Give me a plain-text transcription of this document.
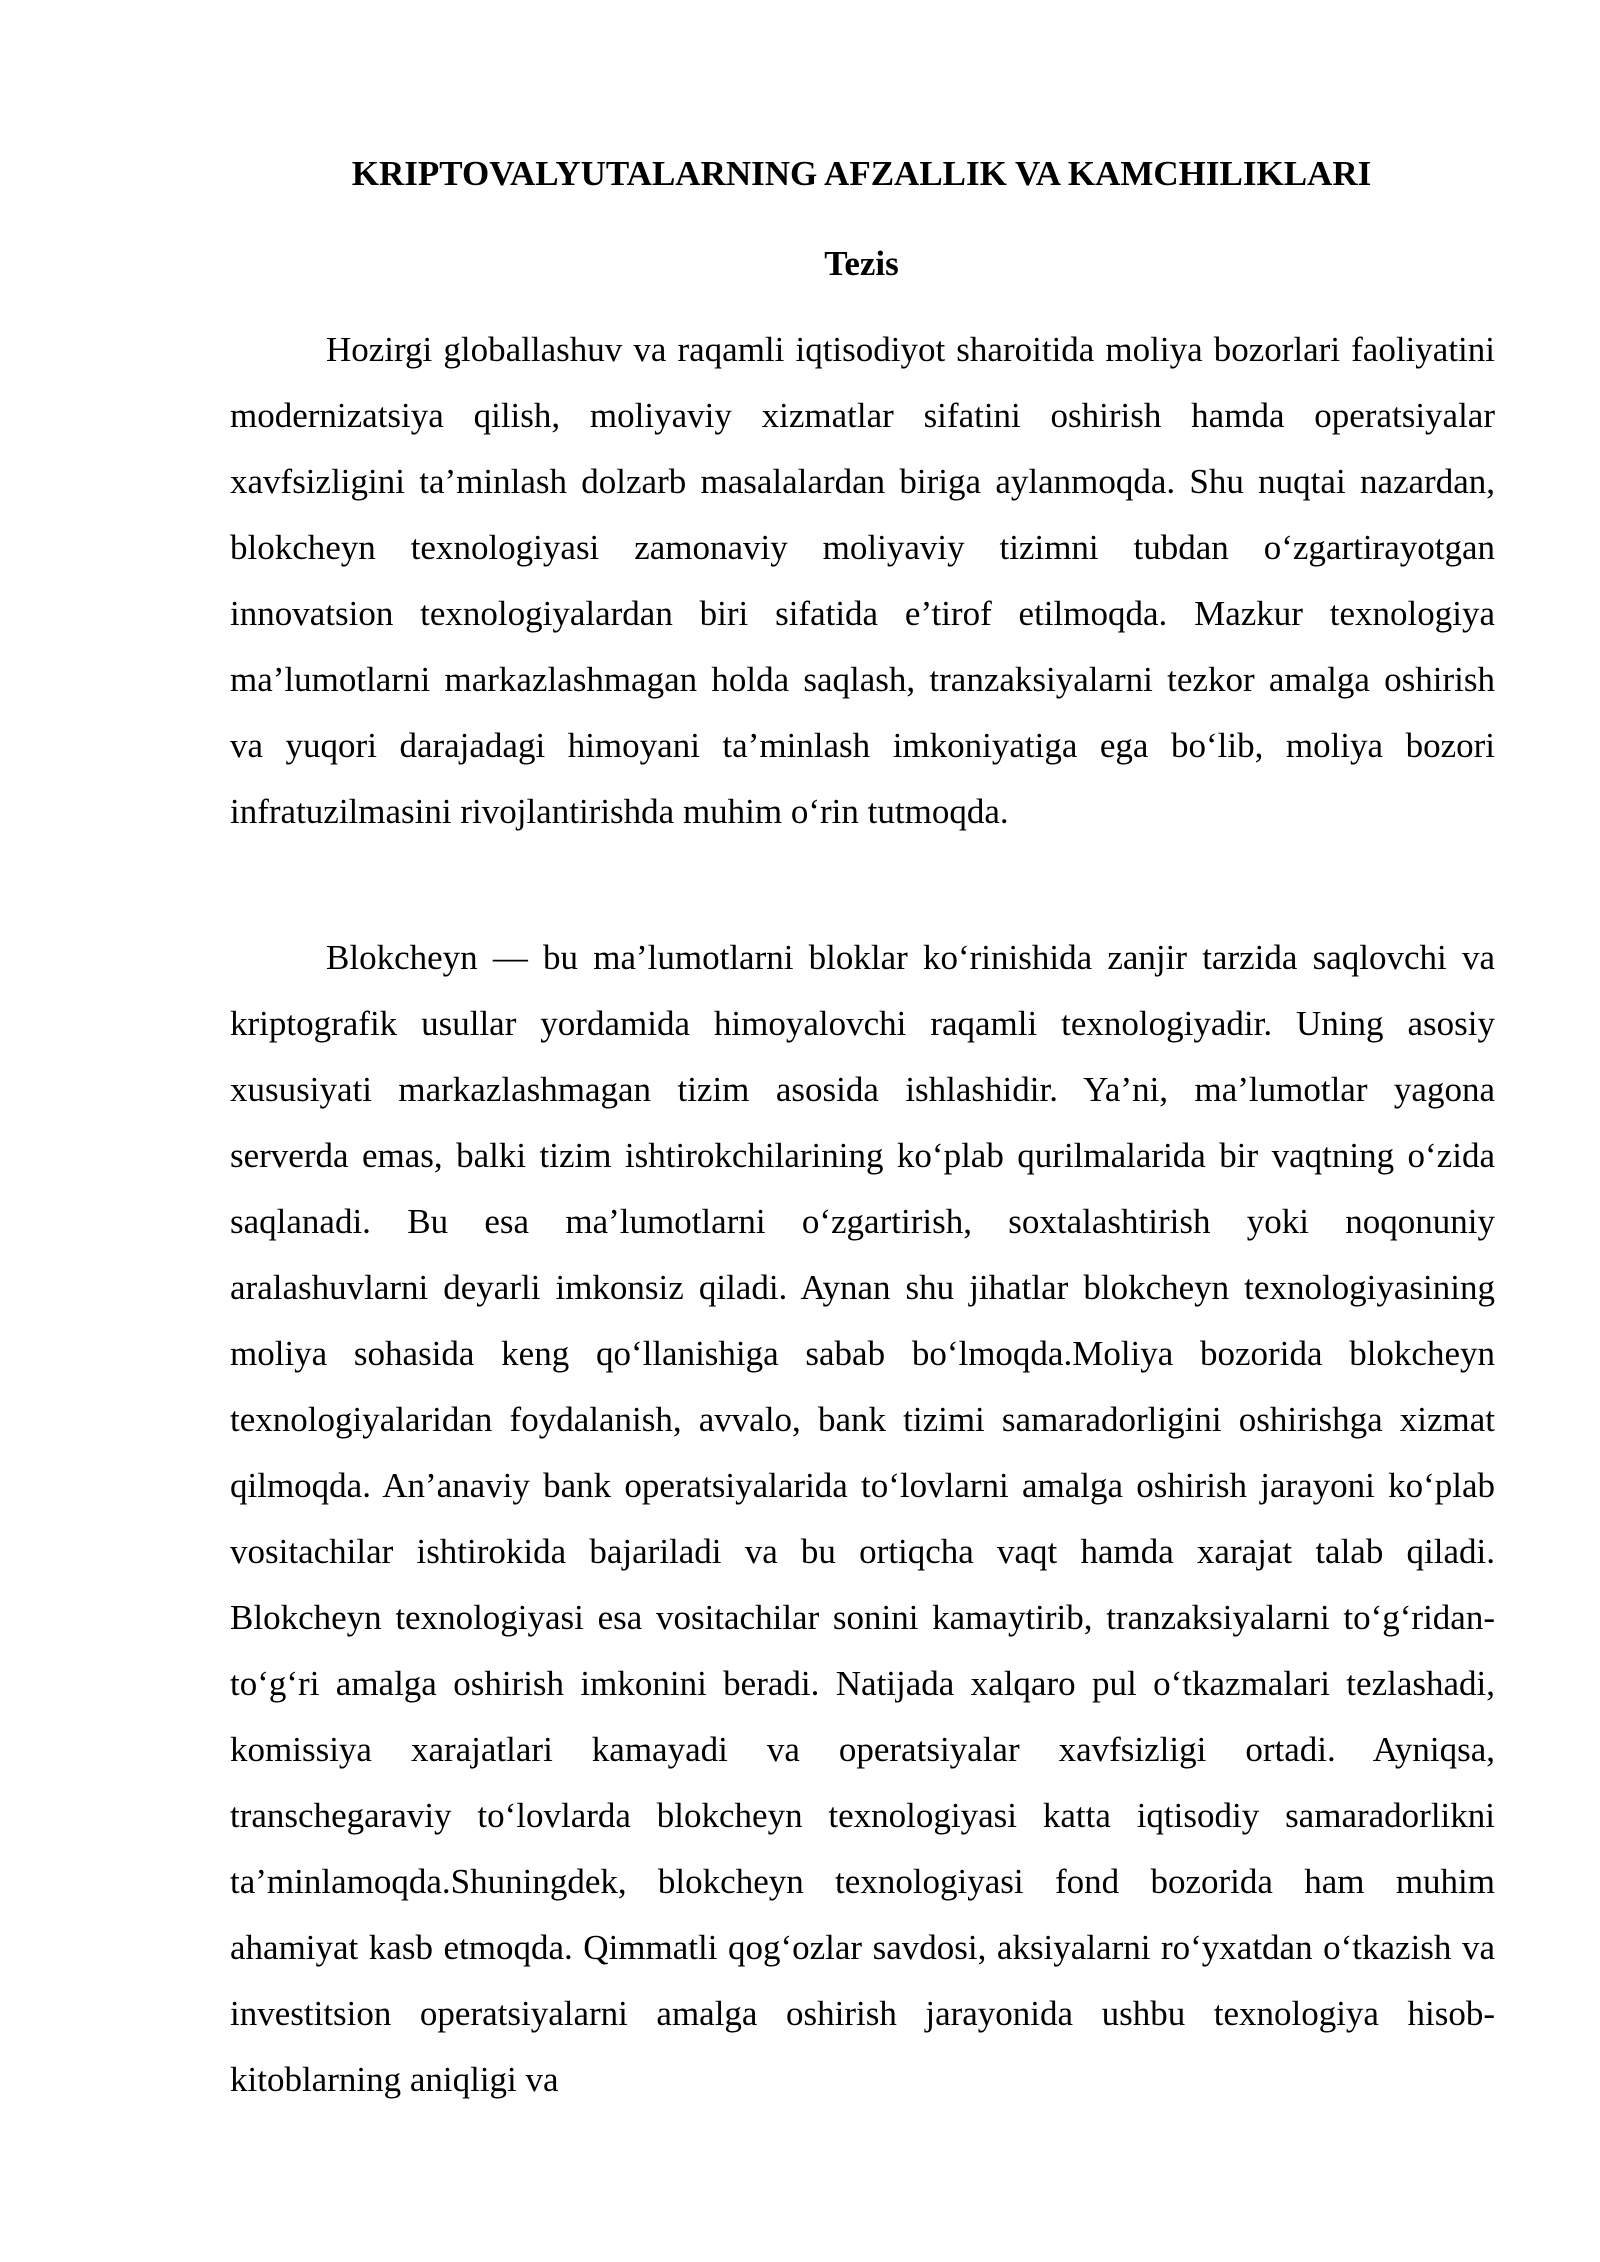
KRIPTOVALYUTALARNING AFZALLIK VA KAMCHILIKLARI
Tezis

Hozirgi globallashuv va raqamli iqtisodiyot sharoitida moliya bozorlari faoliyatini modernizatsiya qilish, moliyaviy xizmatlar sifatini oshirish hamda operatsiyalar xavfsizligini ta’minlash dolzarb masalalardan biriga aylanmoqda. Shu nuqtai nazardan, blokcheyn texnologiyasi zamonaviy moliyaviy tizimni tubdan o‘zgartirayotgan innovatsion texnologiyalardan biri sifatida e’tirof etilmoqda. Mazkur texnologiya ma’lumotlarni markazlashmagan holda saqlash, tranzaksiyalarni tezkor amalga oshirish va yuqori darajadagi himoyani ta’minlash imkoniyatiga ega bo‘lib, moliya bozori infratuzilmasini rivojlantirishda muhim o‘rin tutmoqda.

Blokcheyn — bu ma’lumotlarni bloklar ko‘rinishida zanjir tarzida saqlovchi va kriptografik usullar yordamida himoyalovchi raqamli texnologiyadir. Uning asosiy xususiyati markazlashmagan tizim asosida ishlashidir. Ya’ni, ma’lumotlar yagona serverda emas, balki tizim ishtirokchilarining ko‘plab qurilmalarida bir vaqtning o‘zida saqlanadi. Bu esa ma’lumotlarni o‘zgartirish, soxtalashtirish yoki noqonuniy aralashuvlarni deyarli imkonsiz qiladi. Aynan shu jihatlar blokcheyn texnologiyasining moliya sohasida keng qo‘llanishiga sabab bo‘lmoqda.Moliya bozorida blokcheyn texnologiyalaridan foydalanish, avvalo, bank tizimi samaradorligini oshirishga xizmat qilmoqda. An’anaviy bank operatsiyalarida to‘lovlarni amalga oshirish jarayoni ko‘plab vositachilar ishtirokida bajariladi va bu ortiqcha vaqt hamda xarajat talab qiladi. Blokcheyn texnologiyasi esa vositachilar sonini kamaytirib, tranzaksiyalarni to‘g‘ridan-to‘g‘ri amalga oshirish imkonini beradi. Natijada xalqaro pul o‘tkazmalari tezlashadi, komissiya xarajatlari kamayadi va operatsiyalar xavfsizligi ortadi. Ayniqsa, transchegaraviy to‘lovlarda blokcheyn texnologiyasi katta iqtisodiy samaradorlikni ta’minlamoqda.Shuningdek, blokcheyn texnologiyasi fond bozorida ham muhim ahamiyat kasb etmoqda. Qimmatli qog‘ozlar savdosi, aksiyalarni ro‘yxatdan o‘tkazish va investitsion operatsiyalarni amalga oshirish jarayonida ushbu texnologiya hisob-kitoblarning aniqligi va
